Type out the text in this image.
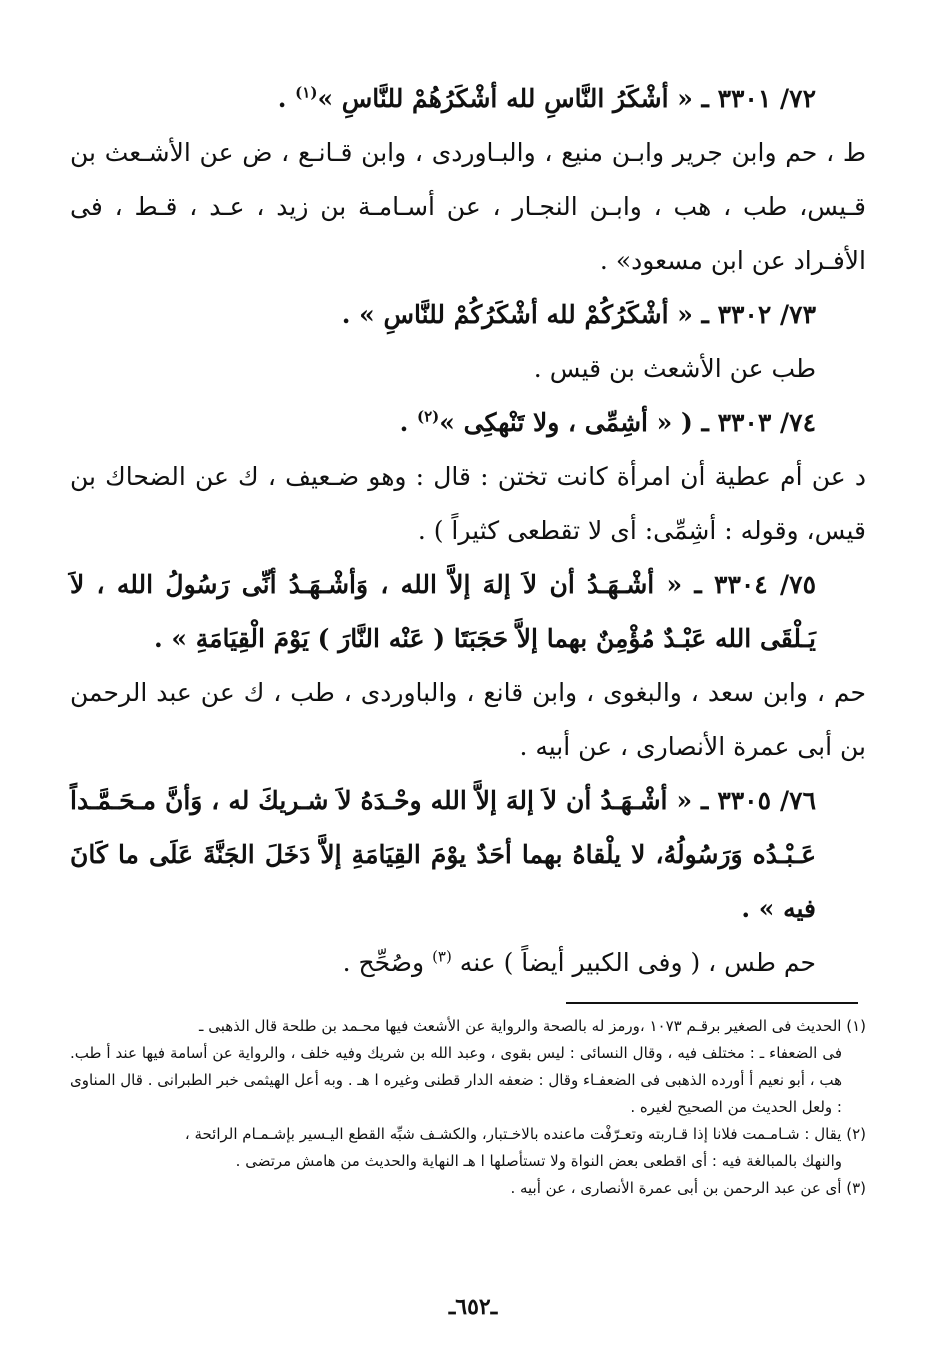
٧٢/ ٣٣٠١ ـ « أشْكَرُ النَّاسِ لله أشْكَرُهُمْ للنَّاسِ »$^{(١)}$ .

ط ، حم وابن جرير وابـن منيع ، والبـاوردى ، وابن قـانـع ، ض عن الأشـعث بن قـيس، طب ، هب ، وابـن النجـار ، عن أسـامـة بن زيد ، عـد ، قـط ، فى الأفـراد عن ابن مسعود» .

٧٣/ ٣٣٠٢ ـ « أشْكَرُكُمْ لله أشْكَرُكُمْ للنَّاسِ » .

طب عن الأشعث بن قيس .

٧٤/ ٣٣٠٣ ـ ( « أشِمِّى ، ولا تَنْهكِى »$^{(٢)}$ .

د عن أم عطية أن امرأة كانت تختن : قال : وهو ضـعيف ، ك عن الضحاك بن قيس، وقوله : أشِمِّى: أى لا تقطعى كثيراً ) .

٧٥/ ٣٣٠٤ ـ « أشْـهَـدُ أن لاَ إلهَ إلاَّ الله ، وَأشْـهَـدُ أنِّى رَسُولُ الله ، لاَ يَـلْقَى الله عَبْـدٌ مُؤْمِنٌ بهما إلاَّ حَجَبَتَا ( عَنْه النَّارَ ) يَوْمَ الْقِيَامَةِ » .

حم ، وابن سعد ، والبغوى ، وابن قانع ، والباوردى ، طب ، ك عن عبد الرحمن بن أبى عمرة الأنصارى ، عن أبيه .

٧٦/ ٣٣٠٥ ـ « أشْـهَـدُ أن لاَ إلهَ إلاَّ الله وحْـدَهُ لاَ شـريكَ له ، وَأنَّ مـحَـمَّـداً عَـبْـدُه وَرَسُولُهُ، لا يلْقاهُ بهما أحَدٌ يوْمَ القِيَامَةِ إلاَّ دَخَلَ الجَنَّةَ عَلَى ما كَانَ فيه » .

حم طس ، ( وفى الكبير أيضاً ) عنه $^{(٣)}$ وصُحِّح .

(١) الحديث فى الصغير برقـم ١٠٧٣ ،ورمز له بالصحة والرواية عن الأشعث فيها محـمد بن طلحة قال الذهبى ـ
فى الضعفاء ـ : مختلف فيه ، وقال النسائى : ليس بقوى ، وعبد الله بن شريك وفيه خلف ، والرواية عن أسامة فيها عند أ طب. هب ، أبو نعيم أ أورده الذهبى فى الضعفـاء وقال : ضعفه الدار قطنى وغيره ا هـ . وبه أعل الهيثمى خبر الطبرانى . قال المناوى : ولعل الحديث من الصحيح لغيره .

(٢) يقال : شـامـمت فلانا إذا قـاربته وتعـرّفْت ماعنده بالاخـتبار، والكشـف شبِّه القطع اليـسير بإشـمـام الرائحة ،
والنهك بالمبالغة فيه : أى اقطعى بعض النواة ولا تستأصلها ا هـ النهاية والحديث من هامش مرتضى .

(٣) أى عن عبد الرحمن بن أبى عمرة الأنصارى ، عن أبيه .

ـ٦٥٢ـ
